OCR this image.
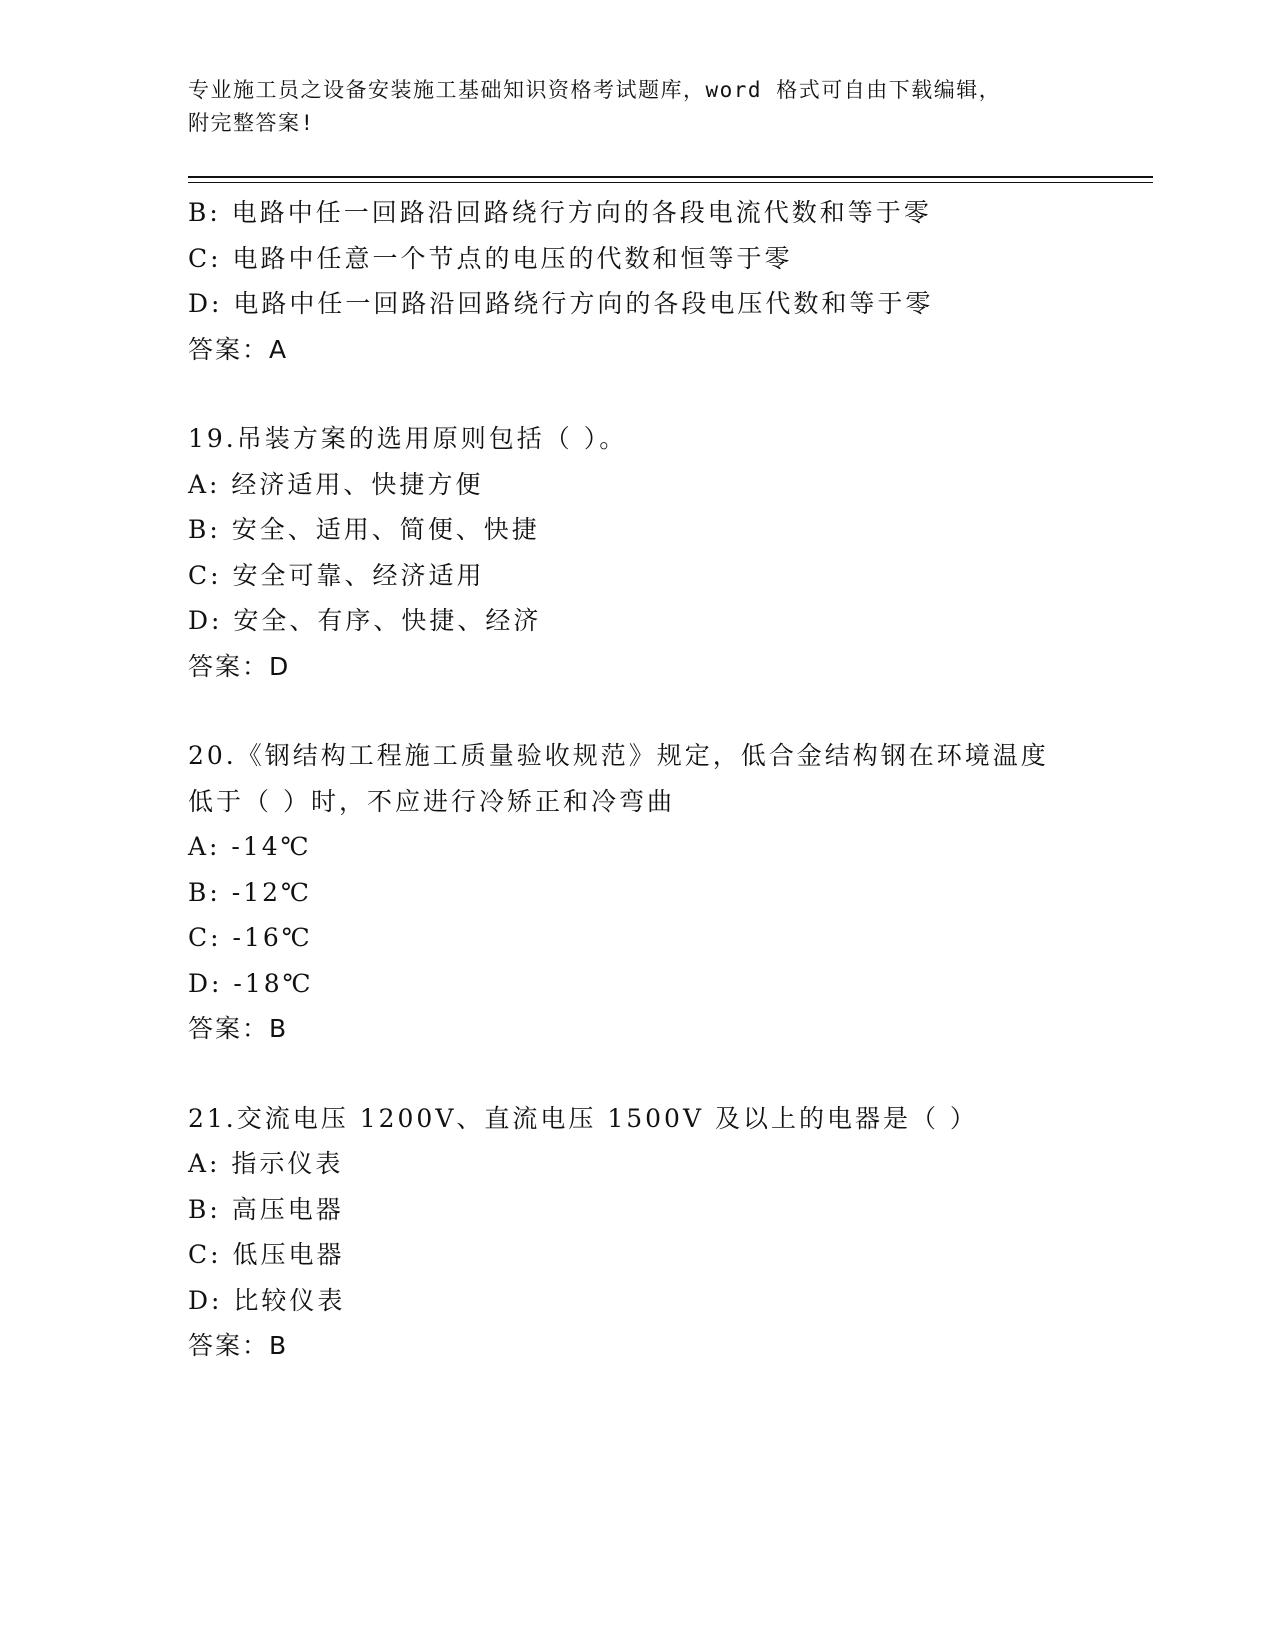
专业施工员之设备安装施工基础知识资格考试题库，word 格式可自由下载编辑，
附完整答案!
B: 电路中任一回路沿回路绕行方向的各段电流代数和等于零
C: 电路中任意一个节点的电压的代数和恒等于零
D: 电路中任一回路沿回路绕行方向的各段电压代数和等于零
答案：A
19.吊装方案的选用原则包括（ ）。
A: 经济适用、快捷方便
B: 安全、适用、简便、快捷
C: 安全可靠、经济适用
D: 安全、有序、快捷、经济
答案：D
20.《钢结构工程施工质量验收规范》规定，低合金结构钢在环境温度
低于（ ）时，不应进行冷矫正和冷弯曲
A: -14℃
B: -12℃
C: -16℃
D: -18℃
答案：B
21.交流电压 1200V、直流电压 1500V 及以上的电器是（ ）
A: 指示仪表
B: 高压电器
C: 低压电器
D: 比较仪表
答案：B
